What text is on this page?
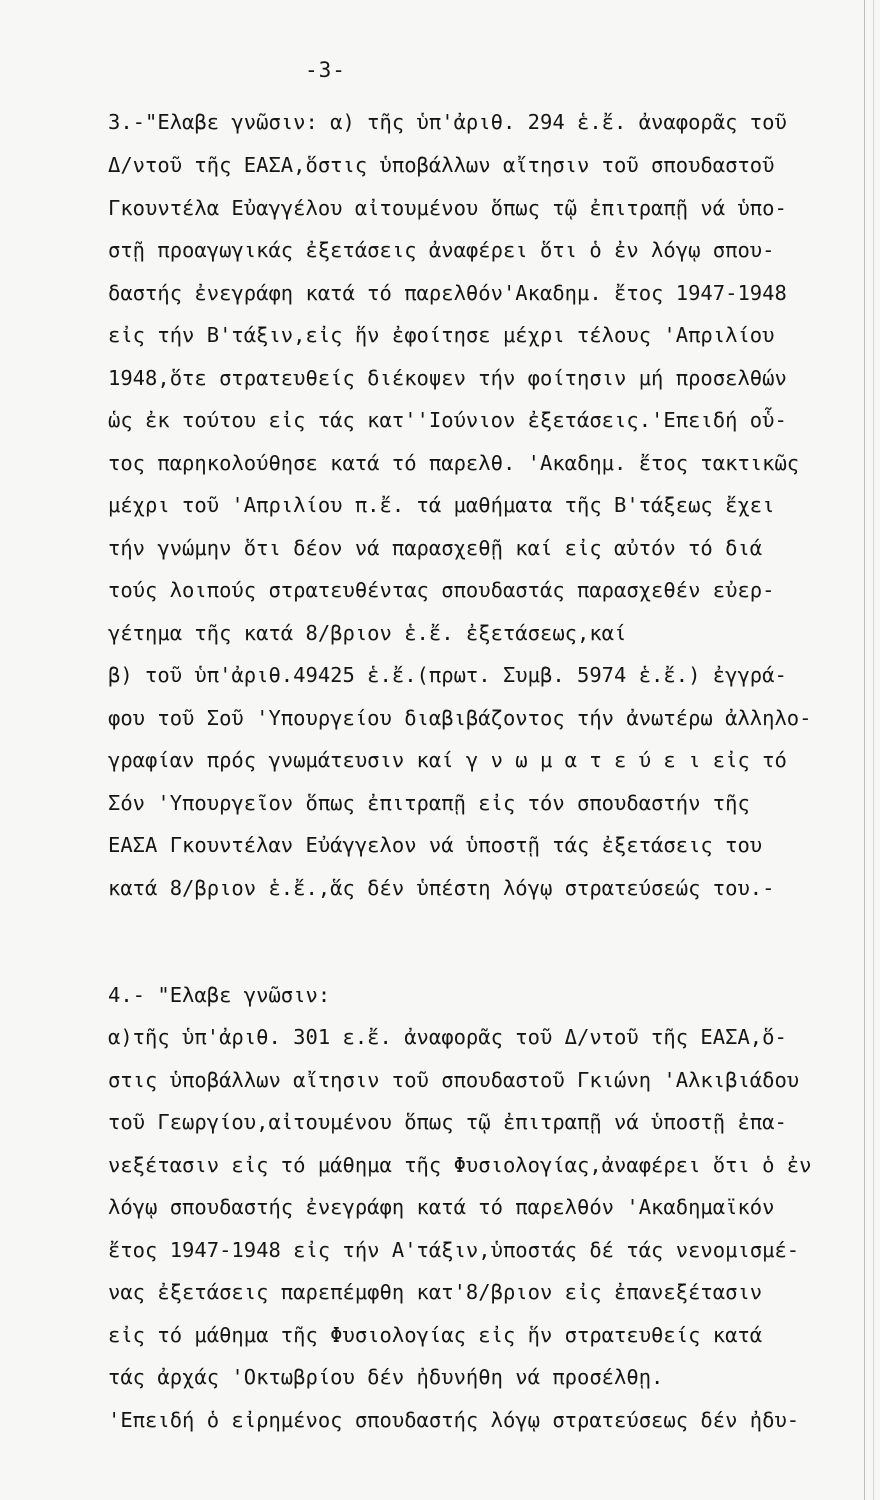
-3-
3.-"Ελαβε γνῶσιν: α) τῆς ὑπ'ἀριθ. 294 ἑ.ἔ. ἀναφορᾶς τοῦ
Δ/ντοῦ τῆς ΕΑΣΑ,ὅστις ὑποβάλλων αἴτησιν τοῦ σπουδαστοῦ
Γκουντέλα Εὐαγγέλου αἰτουμένου ὅπως τῷ ἐπιτραπῇ νά ὑπο-
στῇ προαγωγικάς ἐξετάσεις ἀναφέρει ὅτι ὁ ἐν λόγῳ σπου-
δαστής ἐνεγράφη κατά τό παρελθόν'Ακαδημ. ἔτος 1947-1948
εἰς τήν Β'τάξιν,εἰς ἥν ἐφοίτησε μέχρι τέλους 'Απριλίου
1948,ὅτε στρατευθείς διέκοψεν τήν φοίτησιν μή προσελθών
ὡς ἐκ τούτου εἰς τάς κατ''Ιούνιον ἐξετάσεις.'Επειδή οὗ-
τος παρηκολούθησε κατά τό παρελθ. 'Ακαδημ. ἔτος τακτικῶς
μέχρι τοῦ 'Απριλίου π.ἔ. τά μαθήματα τῆς Β'τάξεως ἔχει
τήν γνώμην ὅτι δέον νά παρασχεθῇ καί εἰς αὐτόν τό διά
τούς λοιπούς στρατευθέντας σπουδαστάς παρασχεθέν εὐερ-
γέτημα τῆς κατά 8/βριον ἑ.ἔ. ἐξετάσεως,καί
β) τοῦ ὑπ'ἀριθ.49425 ἑ.ἔ.(πρωτ. Συμβ. 5974 ἑ.ἔ.) ἐγγρά-
φου τοῦ Σοῦ 'Υπουργείου διαβιβάζοντος τήν ἀνωτέρω ἀλληλο-
γραφίαν πρός γνωμάτευσιν καί γ ν ω μ α τ ε ύ ε ι εἰς τό
Σόν 'Υπουργεῖον ὅπως ἐπιτραπῇ εἰς τόν σπουδαστήν τῆς
ΕΑΣΑ Γκουντέλαν Εὐάγγελον νά ὑποστῇ τάς ἐξετάσεις του
κατά 8/βριον ἑ.ἔ.,ἅς δέν ὑπέστη λόγῳ στρατεύσεώς του.-
4.- "Ελαβε γνῶσιν:
α)τῆς ὑπ'ἀριθ. 301 ε.ἔ. ἀναφορᾶς τοῦ Δ/ντοῦ τῆς ΕΑΣΑ,ὅ-
στις ὑποβάλλων αἴτησιν τοῦ σπουδαστοῦ Γκιώνη 'Αλκιβιάδου
τοῦ Γεωργίου,αἰτουμένου ὅπως τῷ ἐπιτραπῇ νά ὑποστῇ ἐπα-
νεξέτασιν εἰς τό μάθημα τῆς Φυσιολογίας,ἀναφέρει ὅτι ὁ ἐν
λόγῳ σπουδαστής ἐνεγράφη κατά τό παρελθόν 'Ακαδημαϊκόν
ἔτος 1947-1948 εἰς τήν Α'τάξιν,ὑποστάς δέ τάς νενομισμέ-
νας ἐξετάσεις παρεπέμφθη κατ'8/βριον εἰς ἐπανεξέτασιν
εἰς τό μάθημα τῆς Φυσιολογίας εἰς ἥν στρατευθείς κατά
τάς ἀρχάς 'Οκτωβρίου δέν ἠδυνήθη νά προσέλθῃ.
'Επειδή ὁ εἰρημένος σπουδαστής λόγῳ στρατεύσεως δέν ἠδυ-
